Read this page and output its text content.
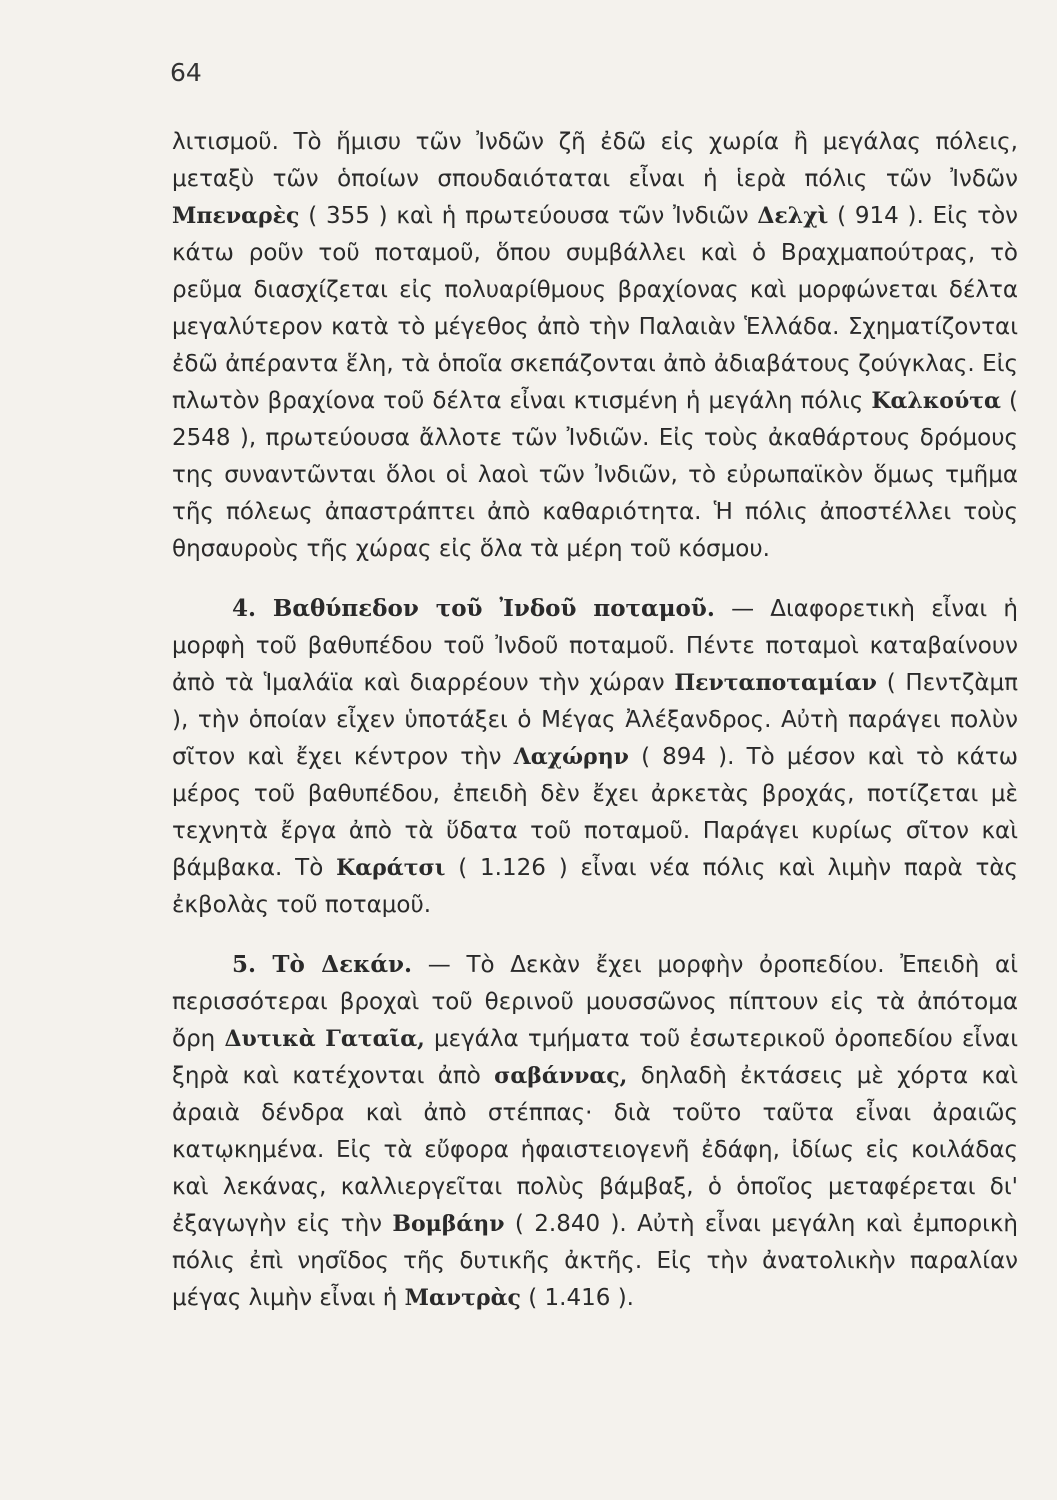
64

λιτισμοῦ. Τὸ ἥμισυ τῶν Ἰνδῶν ζῆ ἐδῶ εἰς χωρία ἢ μεγάλας πόλεις, μεταξὺ τῶν ὁποίων σπουδαιόταται εἶναι ἡ ἱερὰ πόλις τῶν Ἰνδῶν Μπεναρὲς ( 355 ) καὶ ἡ πρωτεύουσα τῶν Ἰνδιῶν Δελχὶ ( 914 ). Εἰς τὸν κάτω ροῦν τοῦ ποταμοῦ, ὅπου συμβάλλει καὶ ὁ Βραχμαπούτρας, τὸ ρεῦμα διασχίζεται εἰς πολυαρίθμους βραχίονας καὶ μορφώνεται δέλτα μεγαλύτερον κατὰ τὸ μέγεθος ἀπὸ τὴν Παλαιὰν Ἑλλάδα. Σχηματίζονται ἐδῶ ἀπέραντα ἕλη, τὰ ὁποῖα σκεπάζονται ἀπὸ ἀδιαβάτους ζούγκλας. Εἰς πλωτὸν βραχίονα τοῦ δέλτα εἶναι κτισμένη ἡ μεγάλη πόλις Καλκούτα ( 2548 ), πρωτεύουσα ἄλλοτε τῶν Ἰνδιῶν. Εἰς τοὺς ἀκαθάρτους δρόμους της συναντῶνται ὅλοι οἱ λαοὶ τῶν Ἰνδιῶν, τὸ εὐρωπαϊκὸν ὅμως τμῆμα τῆς πόλεως ἀπαστράπτει ἀπὸ καθαριότητα. Ἡ πόλις ἀποστέλλει τοὺς θησαυροὺς τῆς χώρας εἰς ὅλα τὰ μέρη τοῦ κόσμου.

4. Βαθύπεδον τοῦ Ἰνδοῦ ποταμοῦ. — Διαφορετικὴ εἶναι ἡ μορφὴ τοῦ βαθυπέδου τοῦ Ἰνδοῦ ποταμοῦ. Πέντε ποταμοὶ καταβαίνουν ἀπὸ τὰ Ἱμαλάϊα καὶ διαρρέουν τὴν χώραν Πενταποταμίαν ( Πεντζὰμπ ), τὴν ὁποίαν εἶχεν ὑποτάξει ὁ Μέγας Ἀλέξανδρος. Αὐτὴ παράγει πολὺν σῖτον καὶ ἔχει κέντρον τὴν Λαχώρην ( 894 ). Τὸ μέσον καὶ τὸ κάτω μέρος τοῦ βαθυπέδου, ἐπειδὴ δὲν ἔχει ἀρκετὰς βροχάς, ποτίζεται μὲ τεχνητὰ ἔργα ἀπὸ τὰ ὕδατα τοῦ ποταμοῦ. Παράγει κυρίως σῖτον καὶ βάμβακα. Τὸ Καράτσι ( 1.126 ) εἶναι νέα πόλις καὶ λιμὴν παρὰ τὰς ἐκβολὰς τοῦ ποταμοῦ.

5. Τὸ Δεκάν. — Τὸ Δεκὰν ἔχει μορφὴν ὀροπεδίου. Ἐπειδὴ αἱ περισσότεραι βροχαὶ τοῦ θερινοῦ μουσσῶνος πίπτουν εἰς τὰ ἀπότομα ὄρη Δυτικὰ Γαταῖα, μεγάλα τμήματα τοῦ ἐσωτερικοῦ ὀροπεδίου εἶναι ξηρὰ καὶ κατέχονται ἀπὸ σαβάννας, δηλαδὴ ἐκτάσεις μὲ χόρτα καὶ ἀραιὰ δένδρα καὶ ἀπὸ στέππας· διὰ τοῦτο ταῦτα εἶναι ἀραιῶς κατῳκημένα. Εἰς τὰ εὔφορα ἡφαιστειογενῆ ἐδάφη, ἰδίως εἰς κοιλάδας καὶ λεκάνας, καλλιεργεῖται πολὺς βάμβαξ, ὁ ὁποῖος μεταφέρεται δι' ἐξαγωγὴν εἰς τὴν Βομβάην ( 2.840 ). Αὐτὴ εἶναι μεγάλη καὶ ἐμπορικὴ πόλις ἐπὶ νησῖδος τῆς δυτικῆς ἀκτῆς. Εἰς τὴν ἀνατολικὴν παραλίαν μέγας λιμὴν εἶναι ἡ Μαντρὰς ( 1.416 ).
